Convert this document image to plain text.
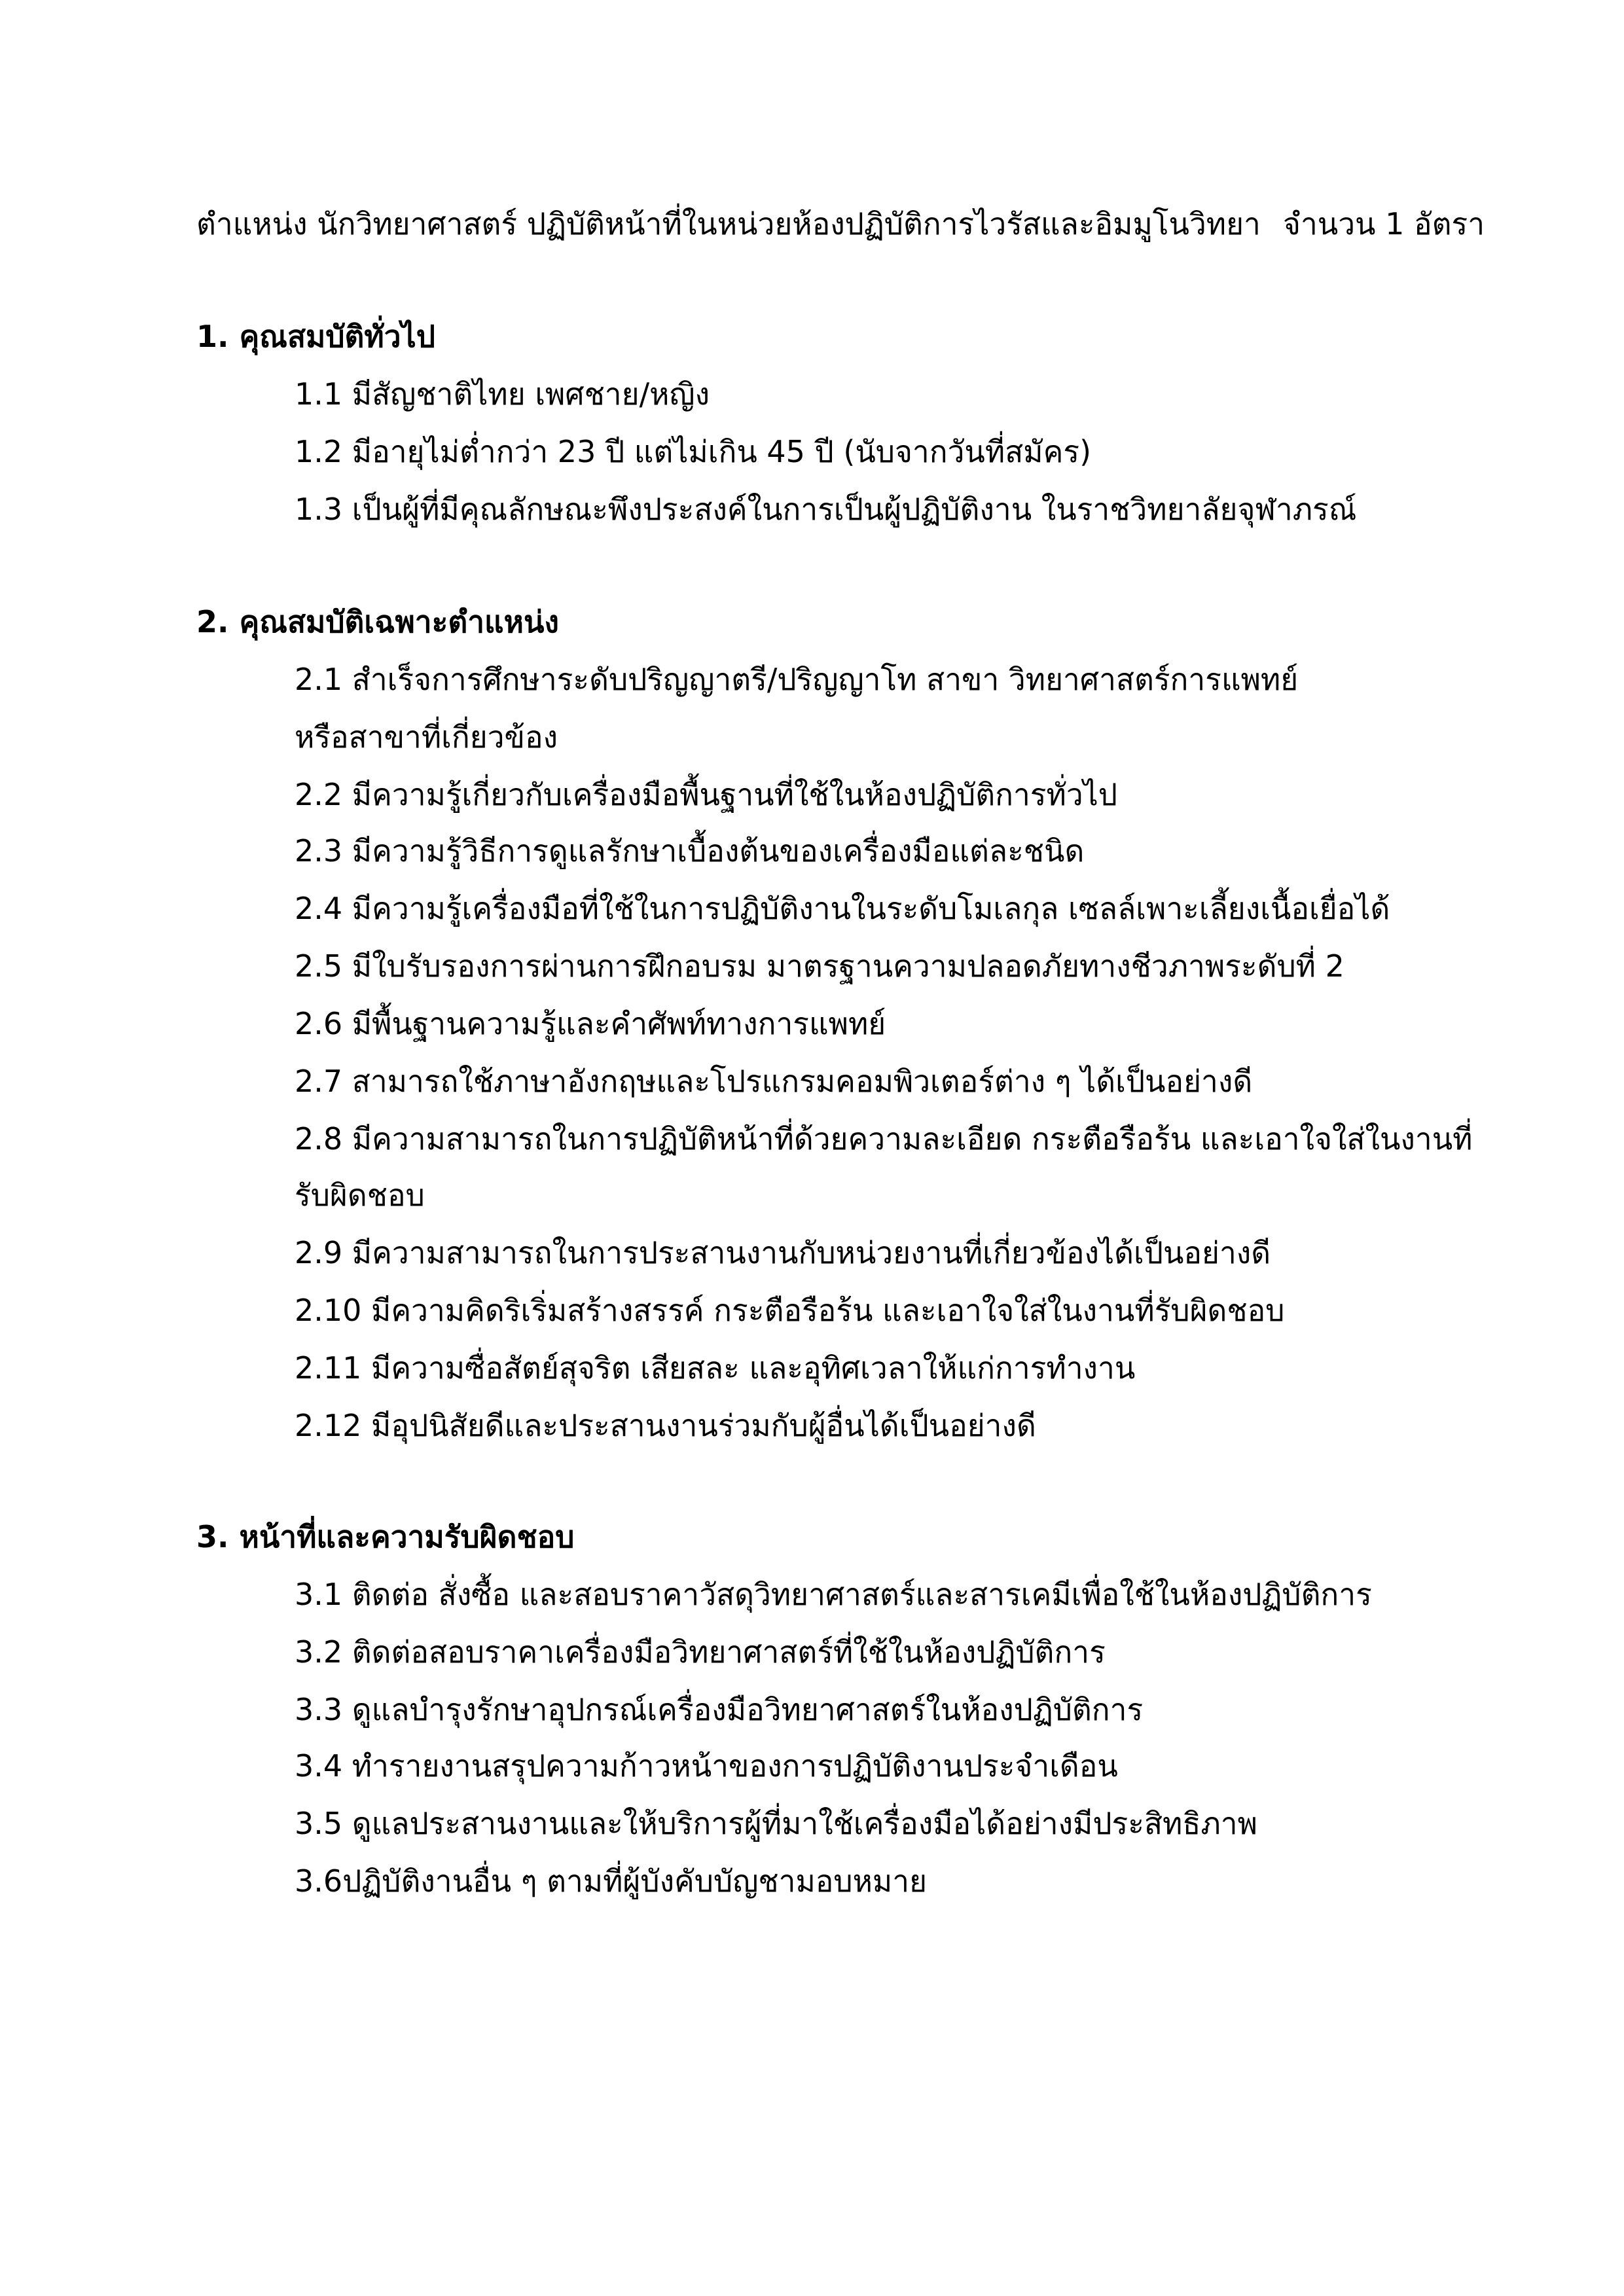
ตำแหน่ง นักวิทยาศาสตร์ ปฏิบัติหน้าที่ในหน่วยห้องปฏิบัติการไวรัสและอิมมูโนวิทยา จำนวน 1 อัตรา
1. คุณสมบัติทั่วไป
1.1 มีสัญชาติไทย เพศชาย/หญิง
1.2 มีอายุไม่ต่ำกว่า 23 ปี แต่ไม่เกิน 45 ปี (นับจากวันที่สมัคร)
1.3 เป็นผู้ที่มีคุณลักษณะพึงประสงค์ในการเป็นผู้ปฏิบัติงาน ในราชวิทยาลัยจุฬาภรณ์
2. คุณสมบัติเฉพาะตำแหน่ง
2.1 สำเร็จการศึกษาระดับปริญญาตรี/ปริญญาโท สาขา วิทยาศาสตร์การแพทย์
หรือสาขาที่เกี่ยวข้อง
2.2 มีความรู้เกี่ยวกับเครื่องมือพื้นฐานที่ใช้ในห้องปฏิบัติการทั่วไป
2.3 มีความรู้วิธีการดูแลรักษาเบื้องต้นของเครื่องมือแต่ละชนิด
2.4 มีความรู้เครื่องมือที่ใช้ในการปฏิบัติงานในระดับโมเลกุล เซลล์เพาะเลี้ยงเนื้อเยื่อได้
2.5 มีใบรับรองการผ่านการฝึกอบรม มาตรฐานความปลอดภัยทางชีวภาพระดับที่ 2
2.6 มีพื้นฐานความรู้และคำศัพท์ทางการแพทย์
2.7 สามารถใช้ภาษาอังกฤษและโปรแกรมคอมพิวเตอร์ต่าง ๆ ได้เป็นอย่างดี
2.8 มีความสามารถในการปฏิบัติหน้าที่ด้วยความละเอียด กระตือรือร้น และเอาใจใส่ในงานที่
รับผิดชอบ
2.9 มีความสามารถในการประสานงานกับหน่วยงานที่เกี่ยวข้องได้เป็นอย่างดี
2.10 มีความคิดริเริ่มสร้างสรรค์ กระตือรือร้น และเอาใจใส่ในงานที่รับผิดชอบ
2.11 มีความซื่อสัตย์สุจริต เสียสละ และอุทิศเวลาให้แก่การทำงาน
2.12 มีอุปนิสัยดีและประสานงานร่วมกับผู้อื่นได้เป็นอย่างดี
3. หน้าที่และความรับผิดชอบ
3.1 ติดต่อ สั่งซื้อ และสอบราคาวัสดุวิทยาศาสตร์และสารเคมีเพื่อใช้ในห้องปฏิบัติการ
3.2 ติดต่อสอบราคาเครื่องมือวิทยาศาสตร์ที่ใช้ในห้องปฏิบัติการ
3.3 ดูแลบำรุงรักษาอุปกรณ์เครื่องมือวิทยาศาสตร์ในห้องปฏิบัติการ
3.4 ทำรายงานสรุปความก้าวหน้าของการปฏิบัติงานประจำเดือน
3.5 ดูแลประสานงานและให้บริการผู้ที่มาใช้เครื่องมือได้อย่างมีประสิทธิภาพ
3.6ปฏิบัติงานอื่น ๆ ตามที่ผู้บังคับบัญชามอบหมาย
